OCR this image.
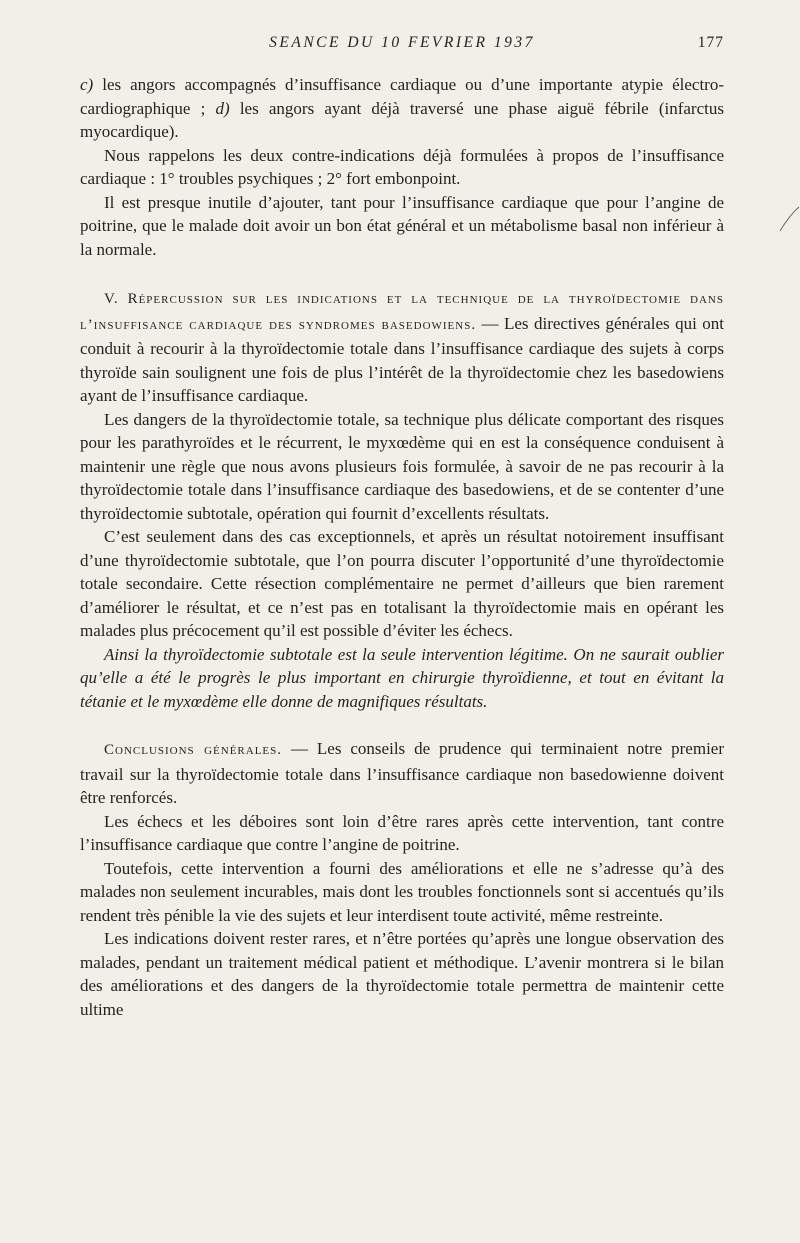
SEANCE DU 10 FEVRIER 1937	177

c) les angors accompagnés d’insuffisance cardiaque ou d’une importante atypie électro-cardiographique ; d) les angors ayant déjà traversé une phase aiguë fébrile (infarctus myocardique).

Nous rappelons les deux contre-indications déjà formulées à propos de l’insuffisance cardiaque : 1° troubles psychiques ; 2° fort embonpoint.

Il est presque inutile d’ajouter, tant pour l’insuffisance cardiaque que pour l’angine de poitrine, que le malade doit avoir un bon état général et un métabolisme basal non inférieur à la normale.

V. Répercussion sur les indications et la technique de la thyroïdectomie dans l’insuffisance cardiaque des syndromes basedowiens. — Les directives générales qui ont conduit à recourir à la thyroïdectomie totale dans l’insuffisance cardiaque des sujets à corps thyroïde sain soulignent une fois de plus l’intérêt de la thyroïdectomie chez les basedowiens ayant de l’insuffisance cardiaque.

Les dangers de la thyroïdectomie totale, sa technique plus délicate comportant des risques pour les parathyroïdes et le récurrent, le myxœdème qui en est la conséquence conduisent à maintenir une règle que nous avons plusieurs fois formulée, à savoir de ne pas recourir à la thyroïdectomie totale dans l’insuffisance cardiaque des basedowiens, et de se contenter d’une thyroïdectomie subtotale, opération qui fournit d’excellents résultats.

C’est seulement dans des cas exceptionnels, et après un résultat notoirement insuffisant d’une thyroïdectomie subtotale, que l’on pourra discuter l’opportunité d’une thyroïdectomie totale secondaire. Cette résection complémentaire ne permet d’ailleurs que bien rarement d’améliorer le résultat, et ce n’est pas en totalisant la thyroïdectomie mais en opérant les malades plus précocement qu’il est possible d’éviter les échecs.

Ainsi la thyroïdectomie subtotale est la seule intervention légitime. On ne saurait oublier qu’elle a été le progrès le plus important en chirurgie thyroïdienne, et tout en évitant la tétanie et le myxœdème elle donne de magnifiques résultats.

Conclusions générales. — Les conseils de prudence qui terminaient notre premier travail sur la thyroïdectomie totale dans l’insuffisance cardiaque non basedowienne doivent être renforcés.

Les échecs et les déboires sont loin d’être rares après cette intervention, tant contre l’insuffisance cardiaque que contre l’angine de poitrine.

Toutefois, cette intervention a fourni des améliorations et elle ne s’adresse qu’à des malades non seulement incurables, mais dont les troubles fonctionnels sont si accentués qu’ils rendent très pénible la vie des sujets et leur interdisent toute activité, même restreinte.

Les indications doivent rester rares, et n’être portées qu’après une longue observation des malades, pendant un traitement médical patient et méthodique. L’avenir montrera si le bilan des améliorations et des dangers de la thyroïdectomie totale permettra de maintenir cette ultime
